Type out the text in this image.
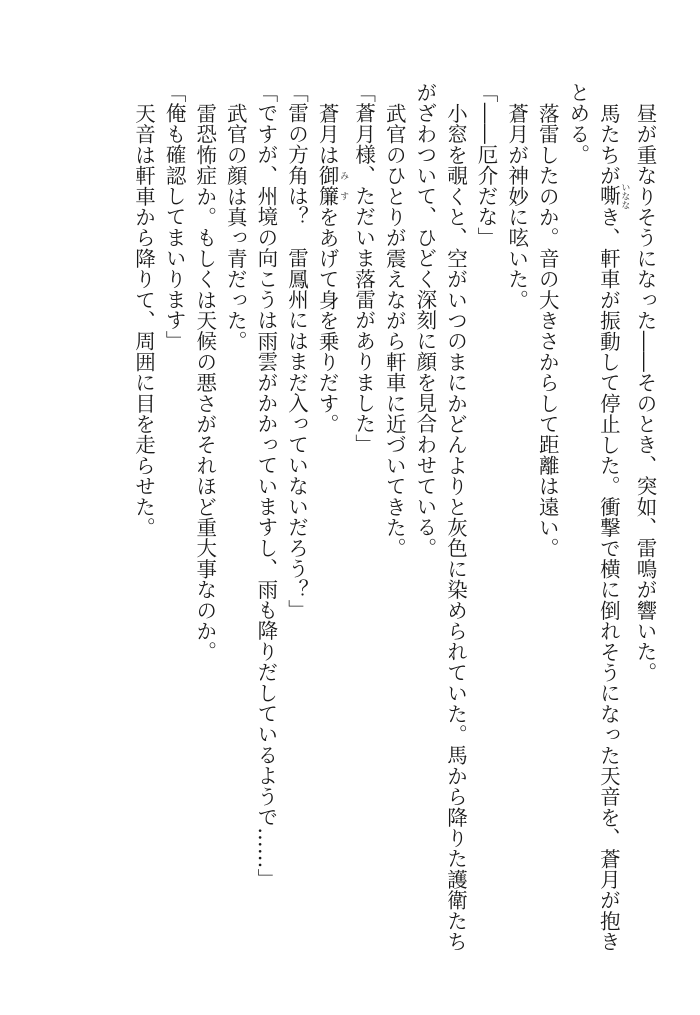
昼が重なりそうになった――そのとき、突如、雷鳴が響いた。
馬たちが嘶 いななき、軒車が振動して停止した。衝撃で横に倒れそうになった天音を、蒼月が抱き
とめる。
落雷したのか。音の大きさからして距離は遠い。
蒼月が神妙に呟いた。
「――厄介だな」
小窓を覗くと、空がいつのまにかどんよりと灰色に染められていた。馬から降りた護衛たち
がざわついて、ひどく深刻に顔を見合わせている。
武官のひとりが震えながら軒車に近づいてきた。
「蒼月様、ただいま落雷がありました」
蒼月は御簾 みすをあげて身を乗りだす。
「雷の方角は？　雷鳳州にはまだ入っていないだろう？」
「ですが、州境の向こうは雨雲がかかっていますし、雨も降りだしているようで……」
武官の顔は真っ青だった。
雷恐怖症か。もしくは天候の悪さがそれほど重大事なのか。
「俺も確認してまいります」
天音は軒車から降りて、周囲に目を走らせた。
